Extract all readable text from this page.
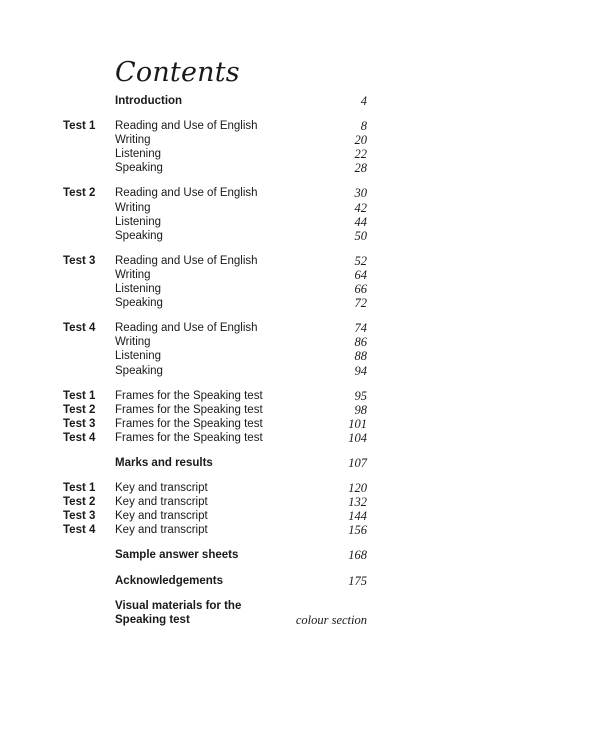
Contents
Introduction	4
Test 1 Reading and Use of English	8
Writing	20
Listening	22
Speaking	28
Test 2 Reading and Use of English	30
Writing	42
Listening	44
Speaking	50
Test 3 Reading and Use of English	52
Writing	64
Listening	66
Speaking	72
Test 4 Reading and Use of English	74
Writing	86
Listening	88
Speaking	94
Test 1 Frames for the Speaking test	95
Test 2 Frames for the Speaking test	98
Test 3 Frames for the Speaking test	101
Test 4 Frames for the Speaking test	104
Marks and results	107
Test 1 Key and transcript	120
Test 2 Key and transcript	132
Test 3 Key and transcript	144
Test 4 Key and transcript	156
Sample answer sheets	168
Acknowledgements	175
Visual materials for the
Speaking test	colour section
